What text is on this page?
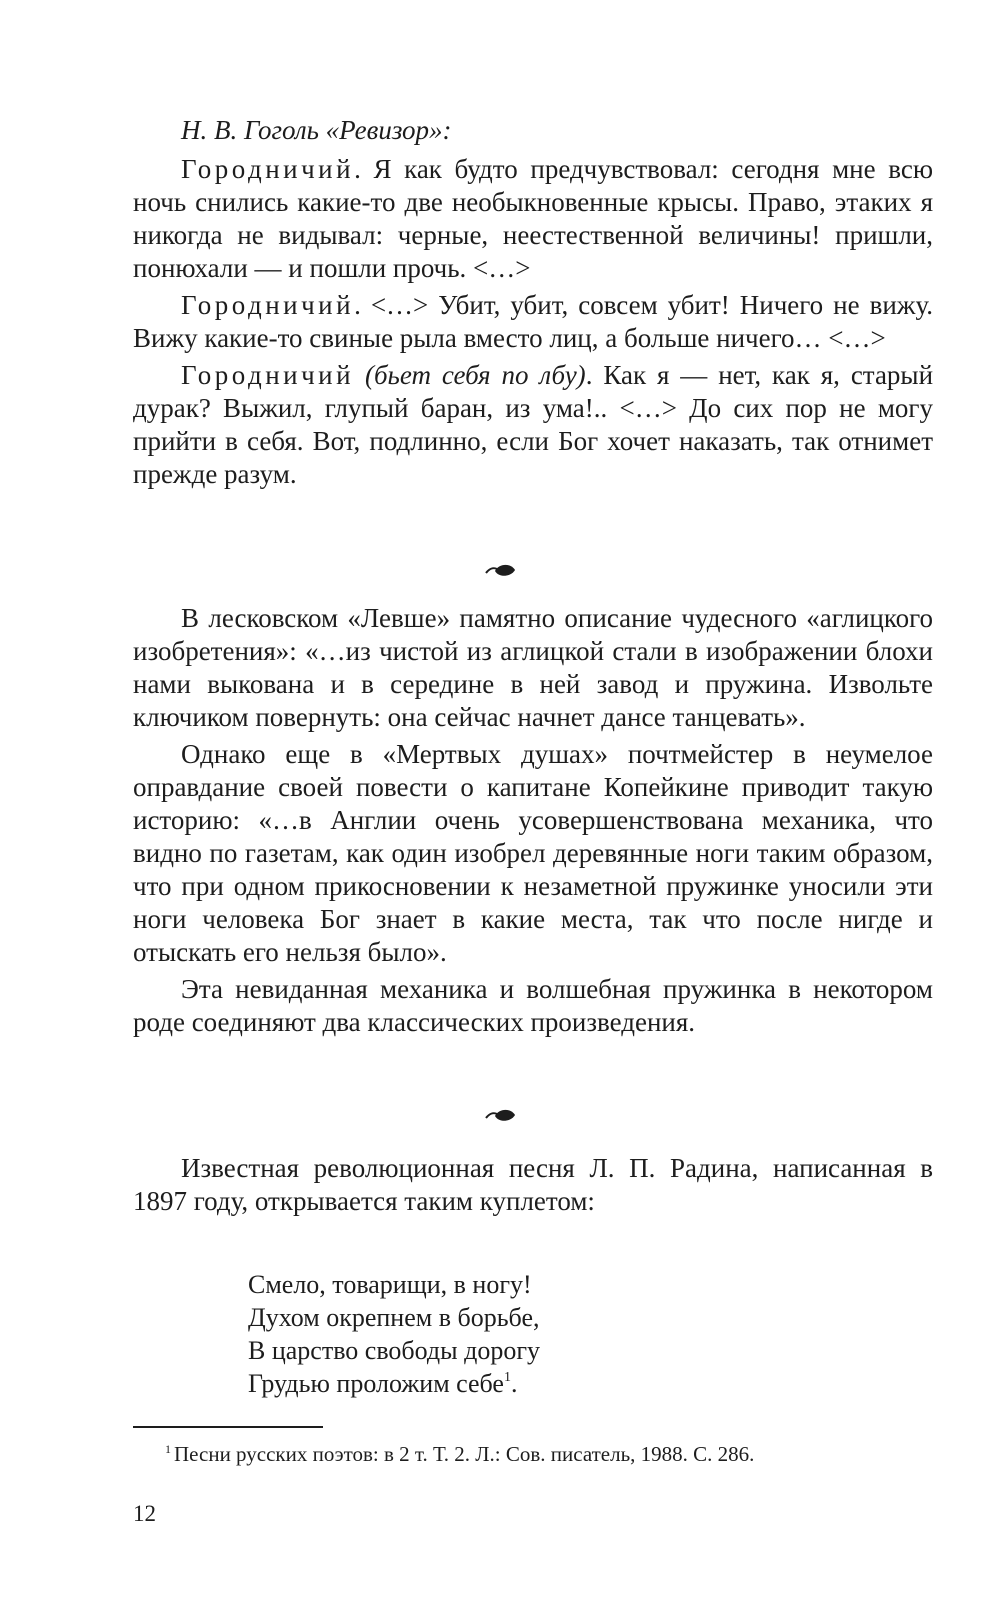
Н. В. Гоголь «Ревизор»:

Городничий. Я как будто предчувствовал: сегодня мне всю ночь снились какие-то две необыкновенные крысы. Право, этаких я никогда не видывал: черные, неестественной величины! пришли, понюхали — и пошли прочь. <…>

Городничий. <…> Убит, убит, совсем убит! Ничего не вижу. Вижу какие-то свиные рыла вместо лиц, а больше ничего… <…>

Городничий (бьет себя по лбу). Как я — нет, как я, старый дурак? Выжил, глупый баран, из ума!.. <…> До сих пор не могу прийти в себя. Вот, подлинно, если Бог хочет наказать, так отнимет прежде разум.

В лесковском «Левше» памятно описание чудесного «аглицкого изобретения»: «…из чистой из аглицкой стали в изображении блохи нами выкована и в середине в ней завод и пружина. Извольте ключиком повернуть: она сейчас начнет дансе танцевать».

Однако еще в «Мертвых душах» почтмейстер в неумелое оправдание своей повести о капитане Копейкине приводит такую историю: «…в Англии очень усовершенствована механика, что видно по газетам, как один изобрел деревянные ноги таким образом, что при одном прикосновении к незаметной пружинке уносили эти ноги человека Бог знает в какие места, так что после нигде и отыскать его нельзя было».

Эта невиданная механика и волшебная пружинка в некотором роде соединяют два классических произведения.

Известная революционная песня Л. П. Радина, написанная в 1897 году, открывается таким куплетом:

Смело, товарищи, в ногу!
Духом окрепнем в борьбе,
В царство свободы дорогу
Грудью проложим себе$^1$.
$^1$ Песни русских поэтов: в 2 т. Т. 2. Л.: Сов. писатель, 1988. С. 286.
12
